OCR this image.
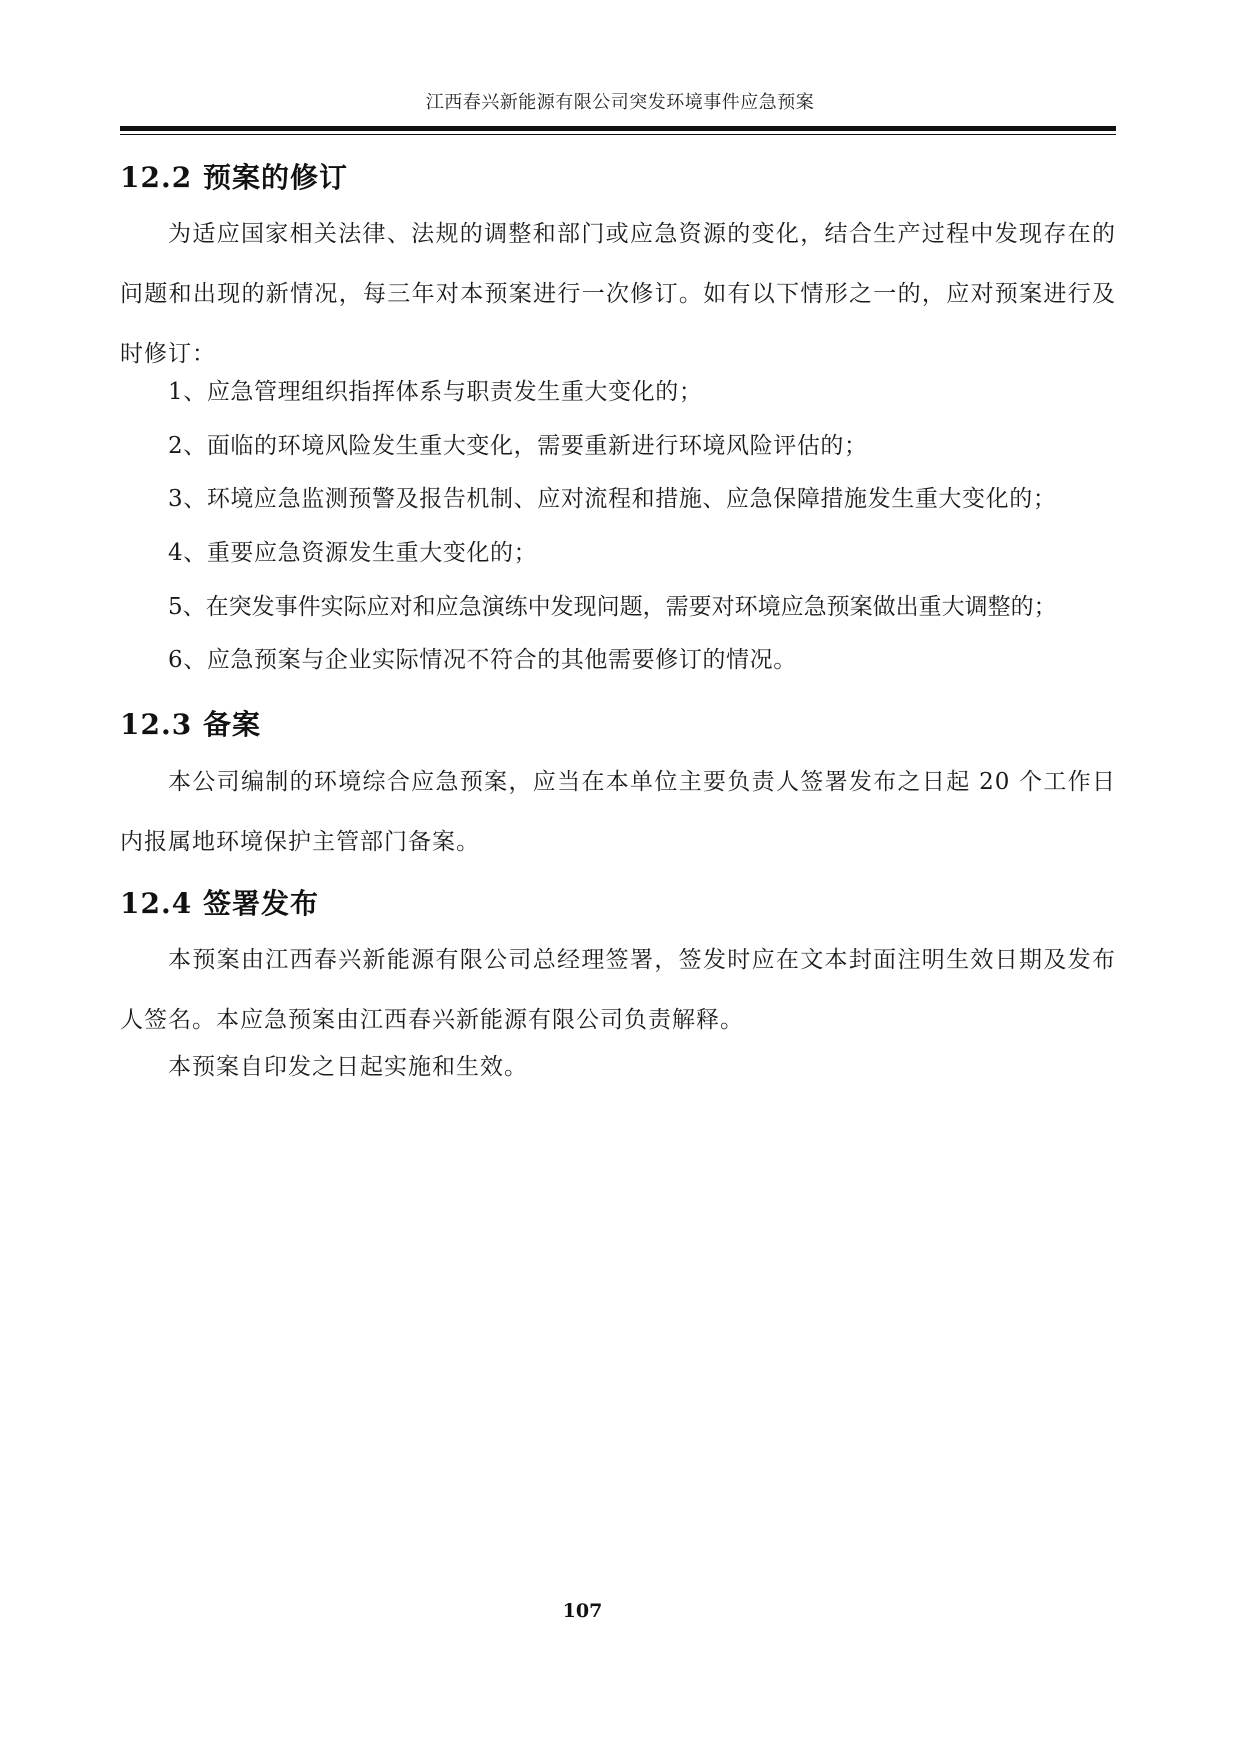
江西春兴新能源有限公司突发环境事件应急预案
12.2 预案的修订
为适应国家相关法律、法规的调整和部门或应急资源的变化，结合生产过程中发现存在的问题和出现的新情况，每三年对本预案进行一次修订。如有以下情形之一的，应对预案进行及时修订：
1、应急管理组织指挥体系与职责发生重大变化的；
2、面临的环境风险发生重大变化，需要重新进行环境风险评估的；
3、环境应急监测预警及报告机制、应对流程和措施、应急保障措施发生重大变化的；
4、重要应急资源发生重大变化的；
5、在突发事件实际应对和应急演练中发现问题，需要对环境应急预案做出重大调整的；
6、应急预案与企业实际情况不符合的其他需要修订的情况。
12.3 备案
本公司编制的环境综合应急预案，应当在本单位主要负责人签署发布之日起 20 个工作日内报属地环境保护主管部门备案。
12.4 签署发布
本预案由江西春兴新能源有限公司总经理签署，签发时应在文本封面注明生效日期及发布人签名。本应急预案由江西春兴新能源有限公司负责解释。
本预案自印发之日起实施和生效。
107
